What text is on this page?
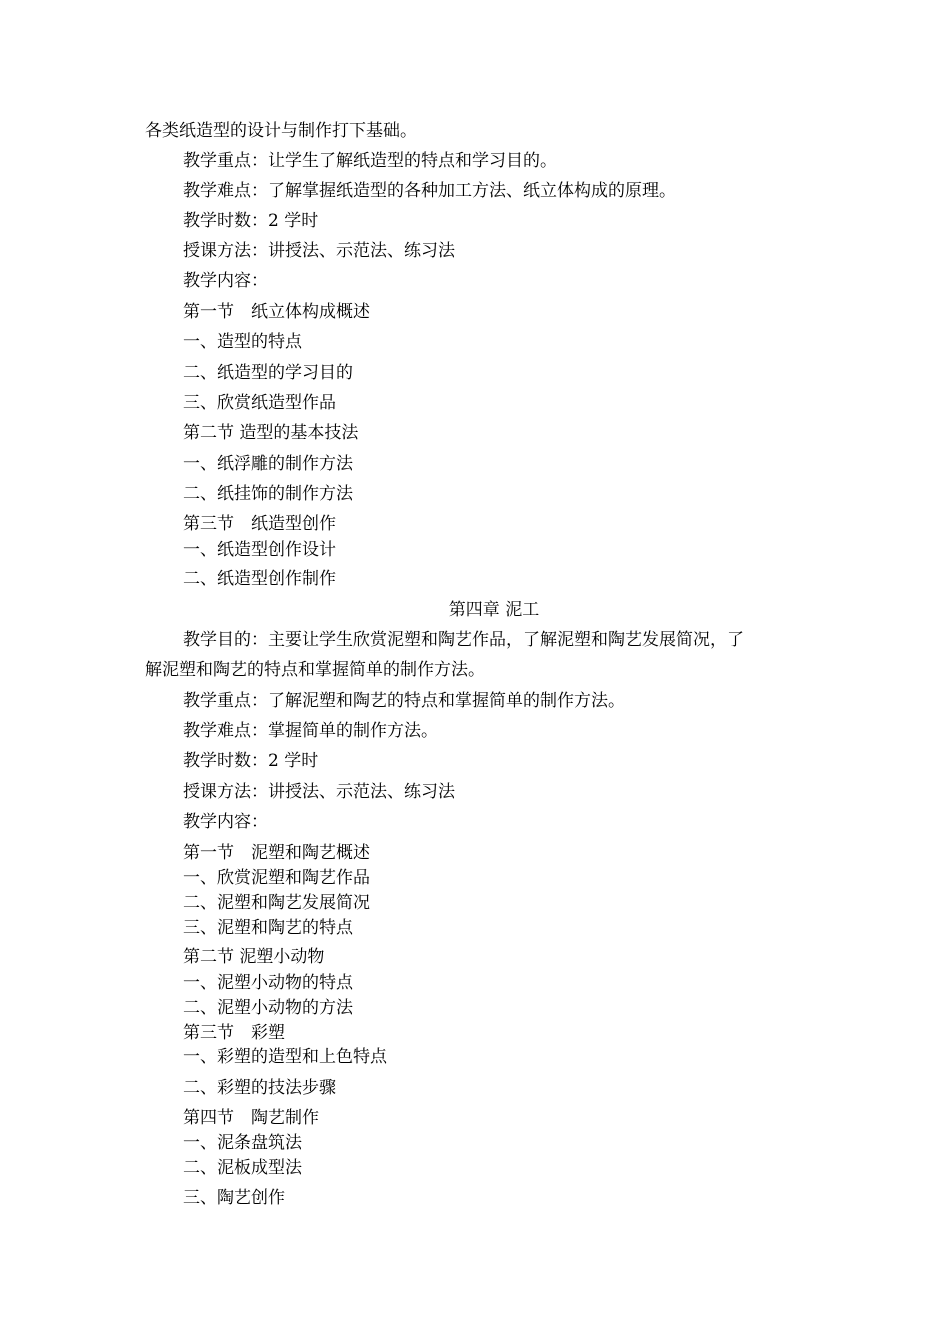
各类纸造型的设计与制作打下基础。
教学重点：让学生了解纸造型的特点和学习目的。
教学难点：了解掌握纸造型的各种加工方法、纸立体构成的原理。
教学时数：2 学时
授课方法：讲授法、示范法、练习法
教学内容：
第一节　纸立体构成概述
一、造型的特点
二、纸造型的学习目的
三、欣赏纸造型作品
第二节 造型的基本技法
一、纸浮雕的制作方法
二、纸挂饰的制作方法
第三节　纸造型创作
一、纸造型创作设计
二、纸造型创作制作
第四章 泥工
教学目的：主要让学生欣赏泥塑和陶艺作品，了解泥塑和陶艺发展简况，了
解泥塑和陶艺的特点和掌握简单的制作方法。
教学重点：了解泥塑和陶艺的特点和掌握简单的制作方法。
教学难点：掌握简单的制作方法。
教学时数：2 学时
授课方法：讲授法、示范法、练习法
教学内容：
第一节　泥塑和陶艺概述
一、欣赏泥塑和陶艺作品
二、泥塑和陶艺发展简况
三、泥塑和陶艺的特点
第二节 泥塑小动物
一、泥塑小动物的特点
二、泥塑小动物的方法
第三节　彩塑
一、彩塑的造型和上色特点
二、彩塑的技法步骤
第四节　陶艺制作
一、泥条盘筑法
二、泥板成型法
三、陶艺创作
